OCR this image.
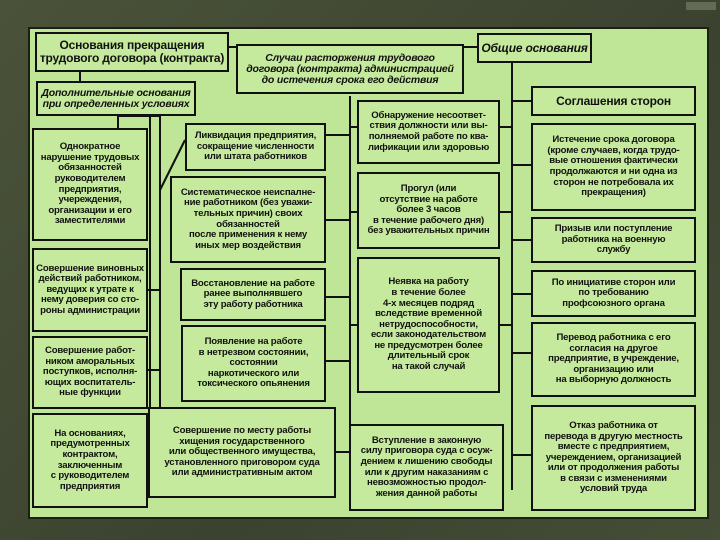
Основания прекращения
трудового договора (контракта)	Случаи расторжения трудового
договора (контракта) администрацией
до истечения срока его действия
Общие основания
Дополнительные основания
при определенных условиях
Однократное
нарушение трудовых
обязанностей
руководителем
предприятия,
учереждения,
организации и его
заместителями
Совершение виновных
действий работником,
ведущих к утрате к
нему доверия со сто-
роны администрации
Совершение работ-
ником аморальных
поступков, исполня-
ющих воспитатель-
ные функции
На основаниях,
предумотренных
контрактом,
заключенным
с руководителем
предприятия
Ликвидация предприятия,
сокращение численности
или штата работников
Систематическое неиспалне-
ние работником (без уважи-
тельных причин) своих
обязанностей
после применения к нему
иных мер воздействия
Восстановление на работе
ранее выполнявшего
эту работу работника
Появление на работе
в нетрезвом состоянии,
состоянии
наркотического или
токсического опьянения
Совершение по месту работы
хищения государственного
или общественного имущества,
установленного приговором суда
или административным актом
Обнаружение несоответ-
ствия должности или вы-
полняемой работе по ква-
лификации или здоровью
Прогул (или
отсутствие на работе
более 3 часов
в течение рабочего дня)
без уважительных причин
Неявка на работу
в течение более
4-х месяцев подряд
вследствие временной
нетрудоспособности,
если законодательством
не предусмотрен более
длительный срок
на такой случай
Вступление в законную
силу приговора суда с осуж-
дением к лишению свободы
или к другим наказаниям с
невозможностью продол-
жения данной работы
Соглашения сторон
Истечение срока договора
(кроме случаев, когда трудо-
вые отношения фактически
продолжаются и ни одна из
сторон не потребовала их
прекращения)
Призыв или поступление
работника на военную
службу
По инициативе сторон или
по требованию
профсоюзного органа
Перевод работника с его
согласия на другое
предприятие, в учреждение,
организацию или
на выборную должность
Отказ работника от
перевода в другую местность
вместе с предприятием,
учереждением, организацией
или от продолжения работы
в связи с изменениями
условий труда
